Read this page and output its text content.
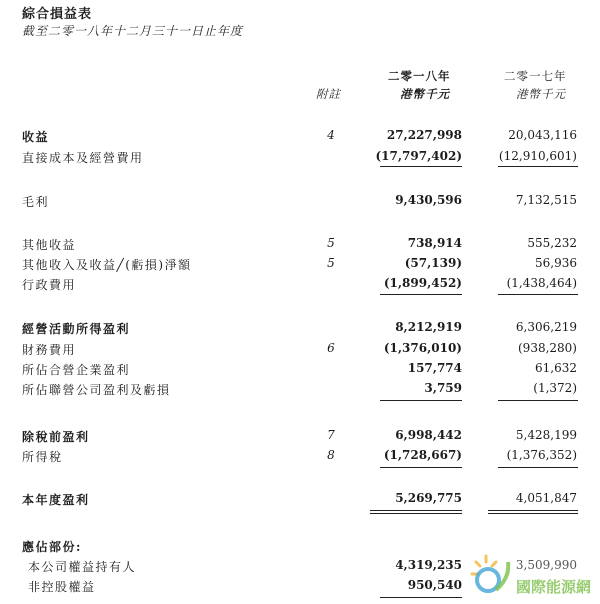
綜合損益表
截至二零一八年十二月三十一日止年度
二零一八年	二零一七年
附註	港幣千元	港幣千元
收益	4	27,227,998	20,043,116
直接成本及經營費用	(17,797,402)	(12,910,601)
毛利	9,430,596	7,132,515
其他收益	5	738,914	555,232
其他收入及收益╱(虧損)淨額	5	(57,139)	56,936
行政費用	(1,899,452)	(1,438,464)
經營活動所得盈利	8,212,919	6,306,219
財務費用	6	(1,376,010)	(938,280)
所佔合營企業盈利	157,774	61,632
所佔聯營公司盈利及虧損	3,759	(1,372)
除稅前盈利	7	6,998,442	5,428,199
所得稅	8	(1,728,667)	(1,376,352)
本年度盈利	5,269,775	4,051,847
應佔部份:
本公司權益持有人	4,319,235	3,509,990
非控股權益	950,540	國際能源網
